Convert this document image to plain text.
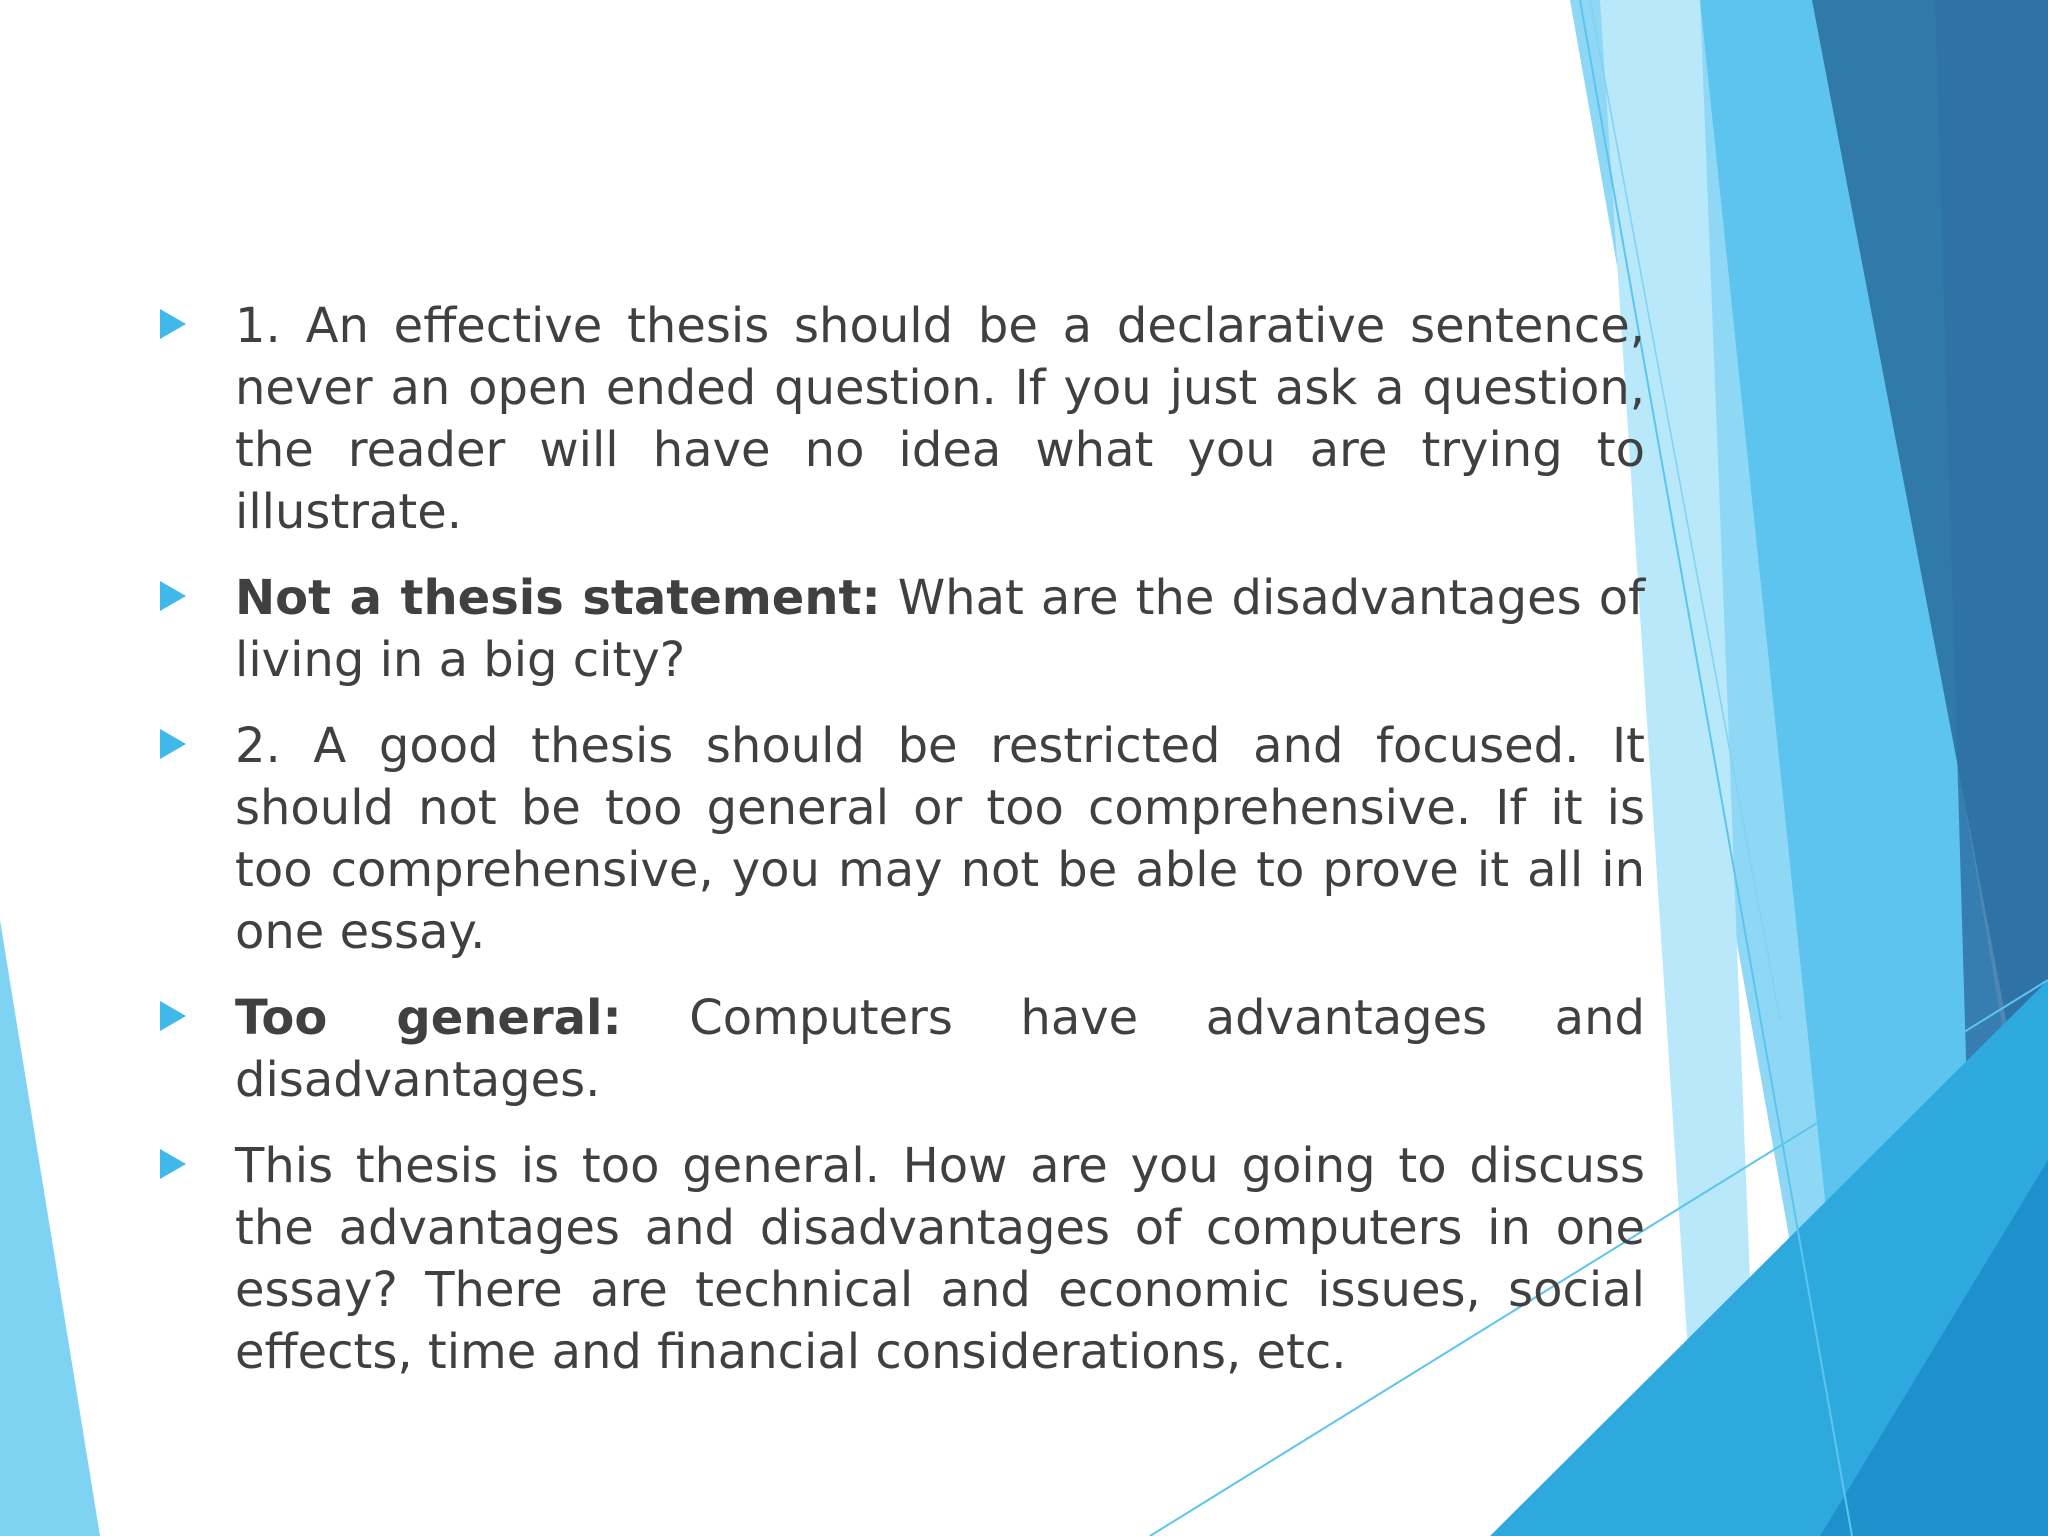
1. An effective thesis should be a declarative sentence, never an open ended question. If you just ask a question, the reader will have no idea what you are trying to illustrate.
Not a thesis statement: What are the disadvantages of living in a big city?
2. A good thesis should be restricted and focused. It should not be too general or too comprehensive. If it is too comprehensive, you may not be able to prove it all in one essay.
Too general: Computers have advantages and disadvantages.
This thesis is too general. How are you going to discuss the advantages and disadvantages of computers in one essay? There are technical and economic issues, social effects, time and financial considerations, etc.
